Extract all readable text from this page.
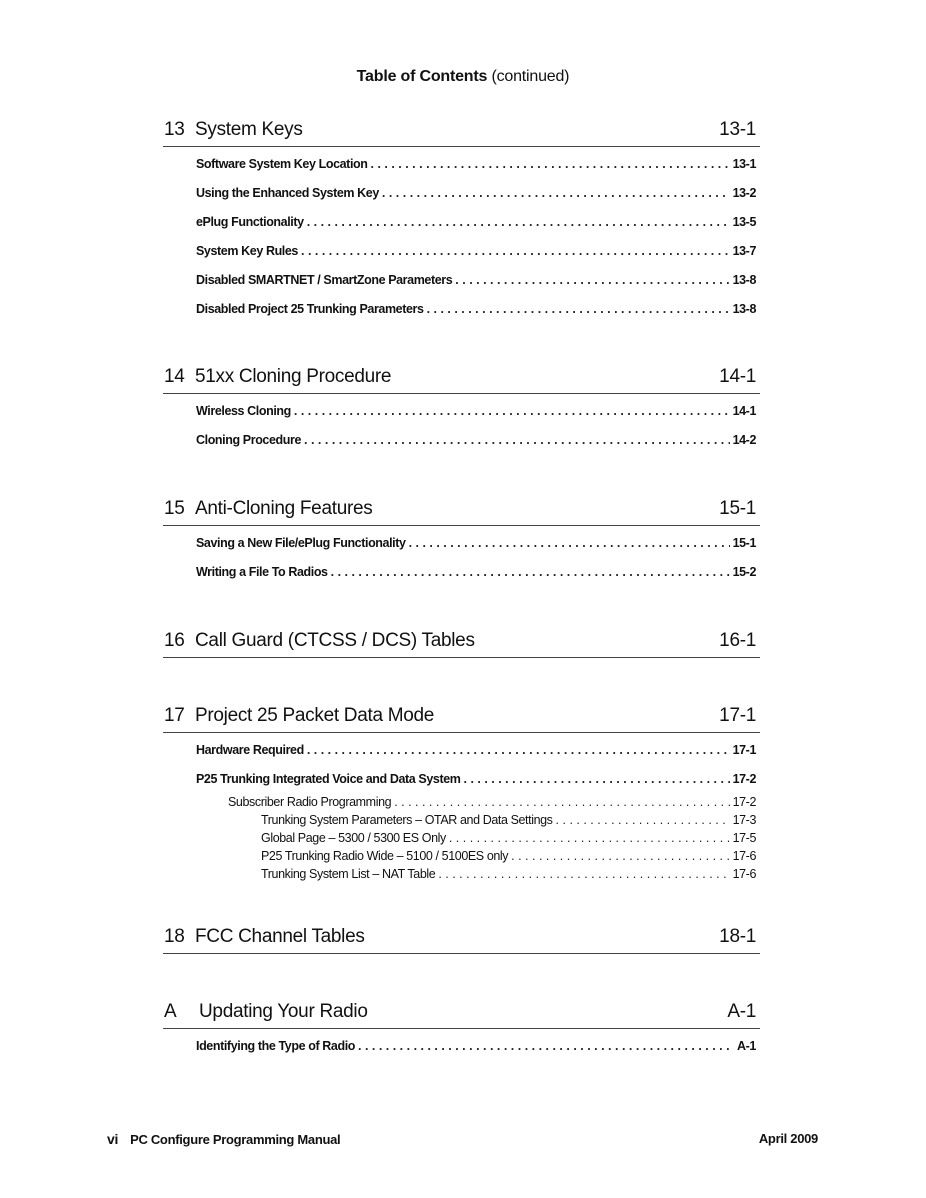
Table of Contents (continued)
13 System Keys	13-1
Software System Key Location . . .	13-1
Using the Enhanced System Key . . .	13-2
ePlug Functionality . . .	13-5
System Key Rules . . .	13-7
Disabled SMARTNET / SmartZone Parameters . . .	13-8
Disabled Project 25 Trunking Parameters . . .	13-8
14 51xx Cloning Procedure	14-1
Wireless Cloning . . .	14-1
Cloning Procedure . . .	14-2
15 Anti-Cloning Features	15-1
Saving a New File/ePlug Functionality . . .	15-1
Writing a File To Radios . . .	15-2
16 Call Guard (CTCSS / DCS) Tables	16-1
17 Project 25 Packet Data Mode	17-1
Hardware Required . . .	17-1
P25 Trunking Integrated Voice and Data System . . .	17-2
Subscriber Radio Programming . . .	17-2
Trunking System Parameters – OTAR and Data Settings . . .	17-3
Global Page – 5300 / 5300 ES Only . . .	17-5
P25 Trunking Radio Wide – 5100 / 5100ES only . . .	17-6
Trunking System List – NAT Table . . .	17-6
18 FCC Channel Tables	18-1
A Updating Your Radio	A-1
Identifying the Type of Radio . . .	A-1
vi PC Configure Programming Manual	April 2009
